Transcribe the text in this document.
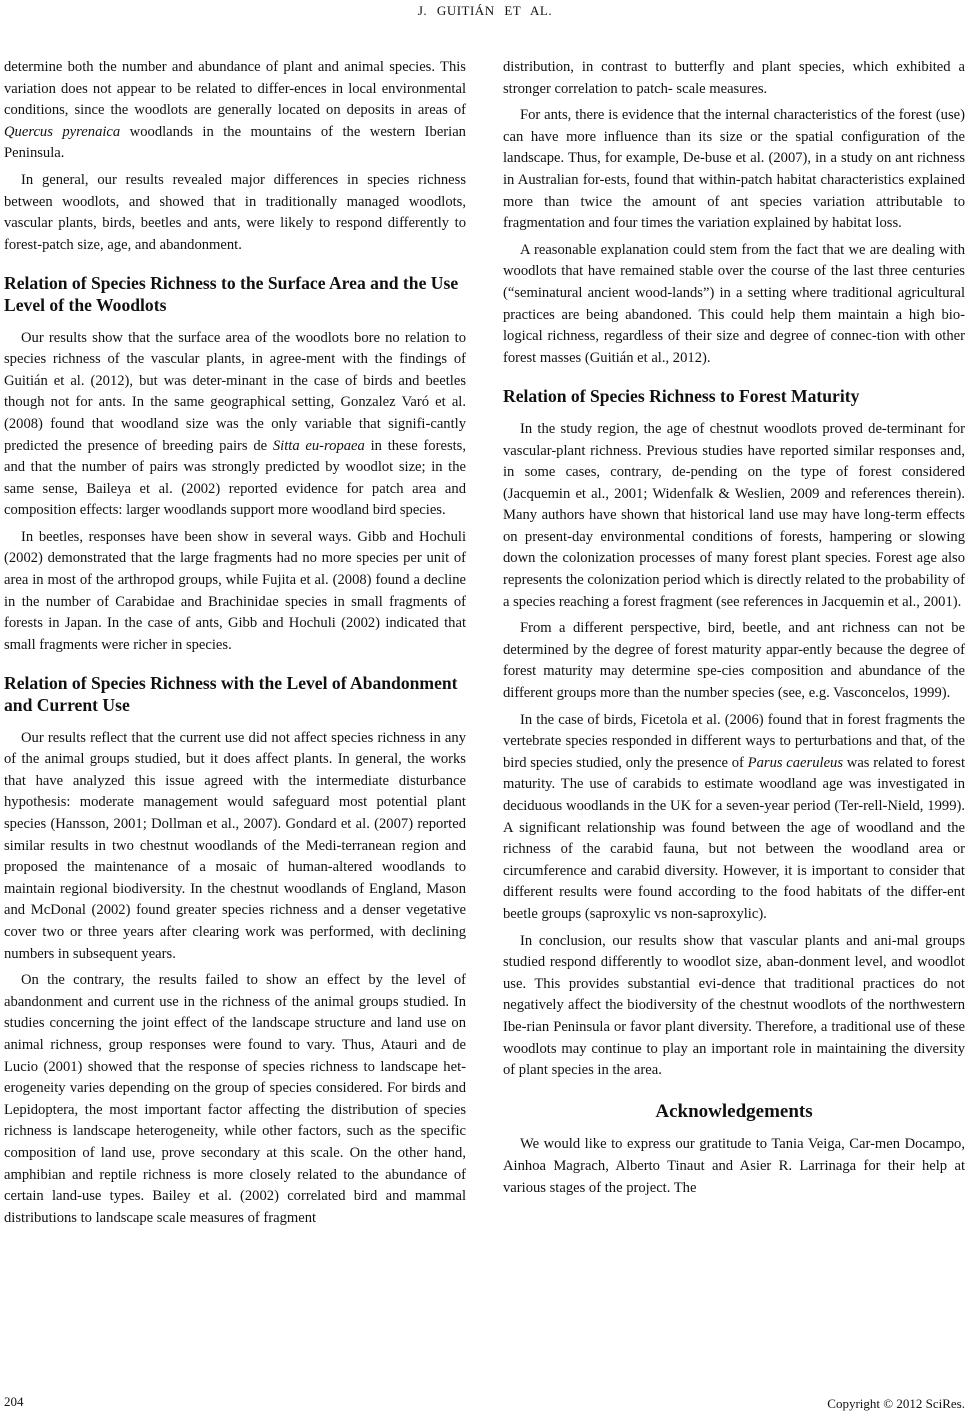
J. GUITIÁN ET AL.

determine both the number and abundance of plant and animal species. This variation does not appear to be related to differ-ences in local environmental conditions, since the woodlots are generally located on deposits in areas of Quercus pyrenaica woodlands in the mountains of the western Iberian Peninsula.

In general, our results revealed major differences in species richness between woodlots, and showed that in traditionally managed woodlots, vascular plants, birds, beetles and ants, were likely to respond differently to forest-patch size, age, and abandonment.

Relation of Species Richness to the Surface Area and the Use Level of the Woodlots

Our results show that the surface area of the woodlots bore no relation to species richness of the vascular plants, in agree-ment with the findings of Guitián et al. (2012), but was deter-minant in the case of birds and beetles though not for ants. In the same geographical setting, Gonzalez Varó et al. (2008) found that woodland size was the only variable that signifi-cantly predicted the presence of breeding pairs de Sitta eu-ropaea in these forests, and that the number of pairs was strongly predicted by woodlot size; in the same sense, Baileya et al. (2002) reported evidence for patch area and composition effects: larger woodlands support more woodland bird species.

In beetles, responses have been show in several ways. Gibb and Hochuli (2002) demonstrated that the large fragments had no more species per unit of area in most of the arthropod groups, while Fujita et al. (2008) found a decline in the number of Carabidae and Brachinidae species in small fragments of forests in Japan. In the case of ants, Gibb and Hochuli (2002) indicated that small fragments were richer in species.

Relation of Species Richness with the Level of Abandonment and Current Use

Our results reflect that the current use did not affect species richness in any of the animal groups studied, but it does affect plants. In general, the works that have analyzed this issue agreed with the intermediate disturbance hypothesis: moderate management would safeguard most potential plant species (Hansson, 2001; Dollman et al., 2007). Gondard et al. (2007) reported similar results in two chestnut woodlands of the Medi-terranean region and proposed the maintenance of a mosaic of human-altered woodlands to maintain regional biodiversity. In the chestnut woodlands of England, Mason and McDonal (2002) found greater species richness and a denser vegetative cover two or three years after clearing work was performed, with declining numbers in subsequent years.

On the contrary, the results failed to show an effect by the level of abandonment and current use in the richness of the animal groups studied. In studies concerning the joint effect of the landscape structure and land use on animal richness, group responses were found to vary. Thus, Atauri and de Lucio (2001) showed that the response of species richness to landscape het-erogeneity varies depending on the group of species considered. For birds and Lepidoptera, the most important factor affecting the distribution of species richness is landscape heterogeneity, while other factors, such as the specific composition of land use, prove secondary at this scale. On the other hand, amphibian and reptile richness is more closely related to the abundance of certain land-use types. Bailey et al. (2002) correlated bird and mammal distributions to landscape scale measures of fragment

distribution, in contrast to butterfly and plant species, which exhibited a stronger correlation to patch- scale measures.

For ants, there is evidence that the internal characteristics of the forest (use) can have more influence than its size or the spatial configuration of the landscape. Thus, for example, De-buse et al. (2007), in a study on ant richness in Australian for-ests, found that within-patch habitat characteristics explained more than twice the amount of ant species variation attributable to fragmentation and four times the variation explained by habitat loss.

A reasonable explanation could stem from the fact that we are dealing with woodlots that have remained stable over the course of the last three centuries (“seminatural ancient wood-lands”) in a setting where traditional agricultural practices are being abandoned. This could help them maintain a high bio-logical richness, regardless of their size and degree of connec-tion with other forest masses (Guitián et al., 2012).

Relation of Species Richness to Forest Maturity

In the study region, the age of chestnut woodlots proved de-terminant for vascular-plant richness. Previous studies have reported similar responses and, in some cases, contrary, de-pending on the type of forest considered (Jacquemin et al., 2001; Widenfalk & Weslien, 2009 and references therein). Many authors have shown that historical land use may have long-term effects on present-day environmental conditions of forests, hampering or slowing down the colonization processes of many forest plant species. Forest age also represents the colonization period which is directly related to the probability of a species reaching a forest fragment (see references in Jacquemin et al., 2001).

From a different perspective, bird, beetle, and ant richness can not be determined by the degree of forest maturity appar-ently because the degree of forest maturity may determine spe-cies composition and abundance of the different groups more than the number species (see, e.g. Vasconcelos, 1999).

In the case of birds, Ficetola et al. (2006) found that in forest fragments the vertebrate species responded in different ways to perturbations and that, of the bird species studied, only the presence of Parus caeruleus was related to forest maturity. The use of carabids to estimate woodland age was investigated in deciduous woodlands in the UK for a seven-year period (Ter-rell-Nield, 1999). A significant relationship was found between the age of woodland and the richness of the carabid fauna, but not between the woodland area or circumference and carabid diversity. However, it is important to consider that different results were found according to the food habitats of the differ-ent beetle groups (saproxylic vs non-saproxylic).

In conclusion, our results show that vascular plants and ani-mal groups studied respond differently to woodlot size, aban-donment level, and woodlot use. This provides substantial evi-dence that traditional practices do not negatively affect the biodiversity of the chestnut woodlots of the northwestern Ibe-rian Peninsula or favor plant diversity. Therefore, a traditional use of these woodlots may continue to play an important role in maintaining the diversity of plant species in the area.

Acknowledgements

We would like to express our gratitude to Tania Veiga, Car-men Docampo, Ainhoa Magrach, Alberto Tinaut and Asier R. Larrinaga for their help at various stages of the project. The

204	Copyright © 2012 SciRes.
